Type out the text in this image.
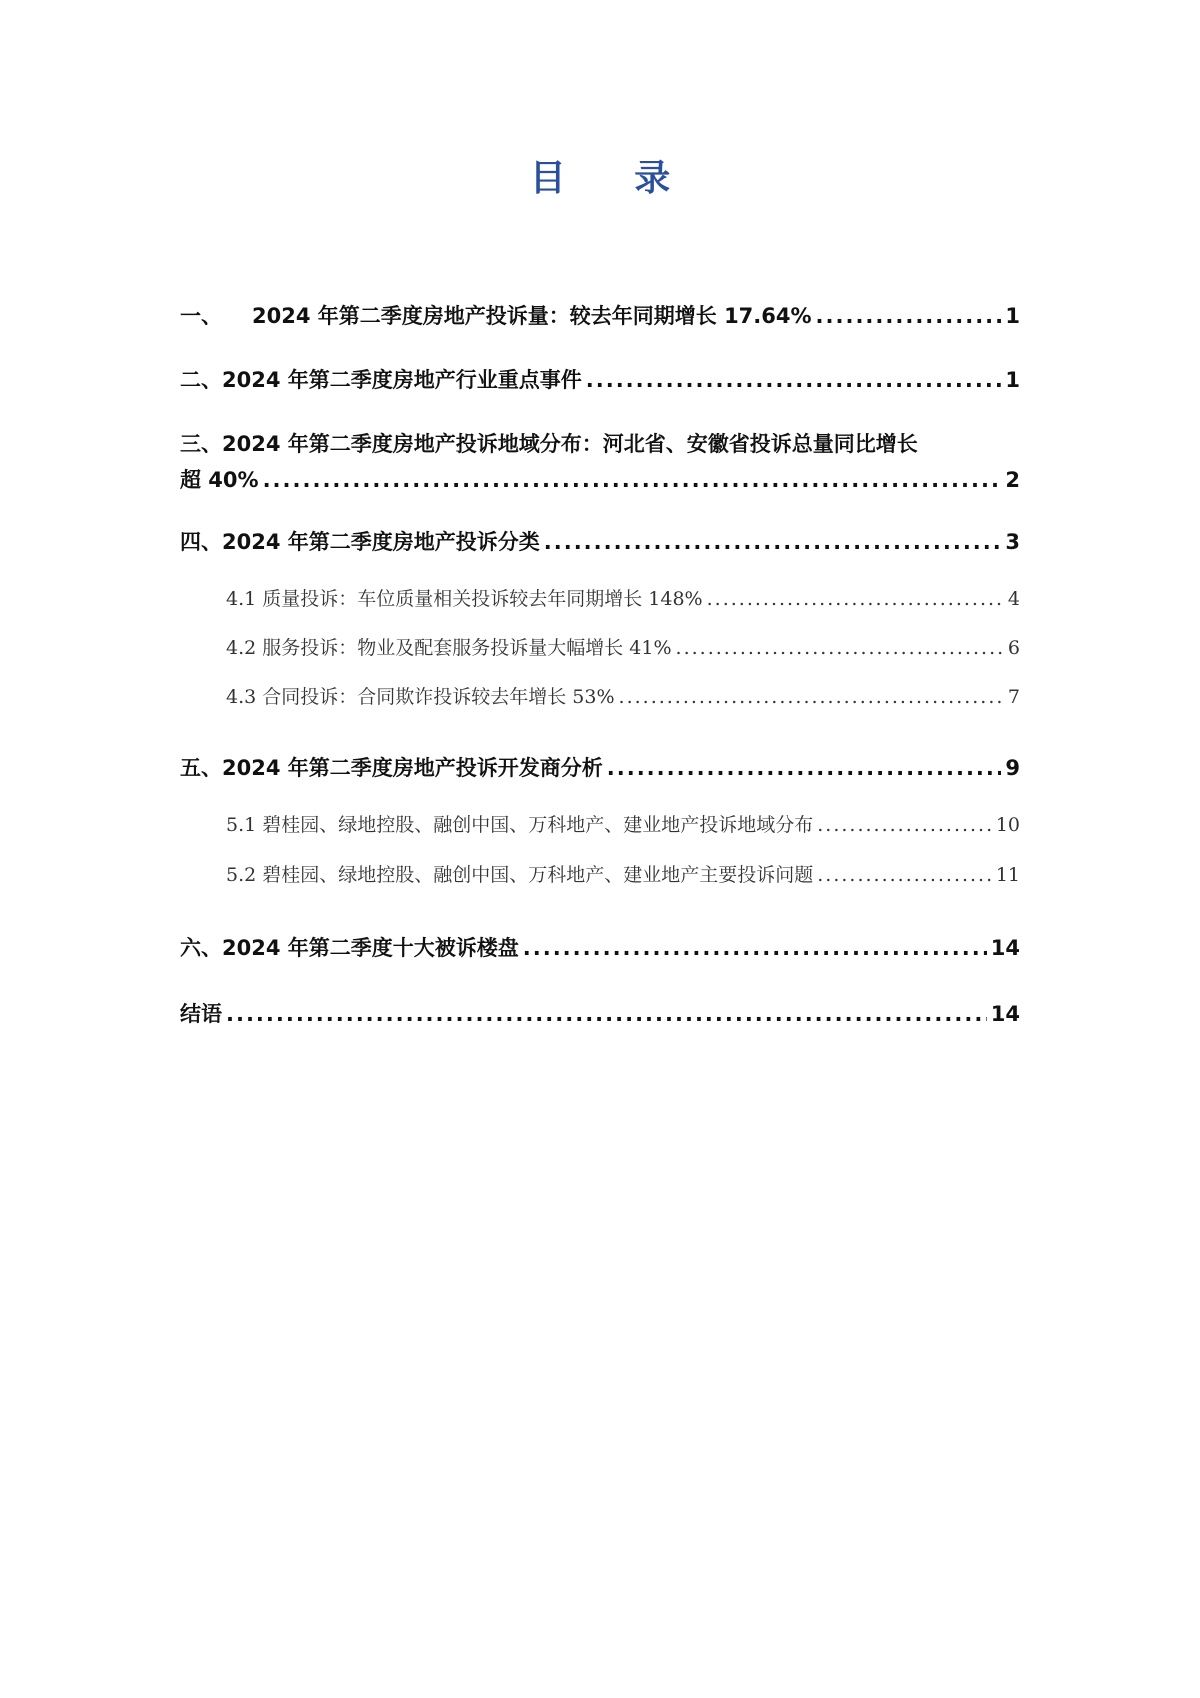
目 录
一、 2024 年第二季度房地产投诉量：较去年同期增长 17.64% .....	1
二、2024 年第二季度房地产行业重点事件 .....	1
三、2024 年第二季度房地产投诉地域分布：河北省、安徽省投诉总量同比增长
超 40% .....	2
四、2024 年第二季度房地产投诉分类 .....	3
4.1 质量投诉：车位质量相关投诉较去年同期增长 148% .....	4
4.2 服务投诉：物业及配套服务投诉量大幅增长 41% .....	6
4.3 合同投诉：合同欺诈投诉较去年增长 53% .....	7
五、2024 年第二季度房地产投诉开发商分析 .....	9
5.1 碧桂园、绿地控股、融创中国、万科地产、建业地产投诉地域分布 .....	10
5.2 碧桂园、绿地控股、融创中国、万科地产、建业地产主要投诉问题 .....	11
六、2024 年第二季度十大被诉楼盘 .....	14
结语 .....	14
